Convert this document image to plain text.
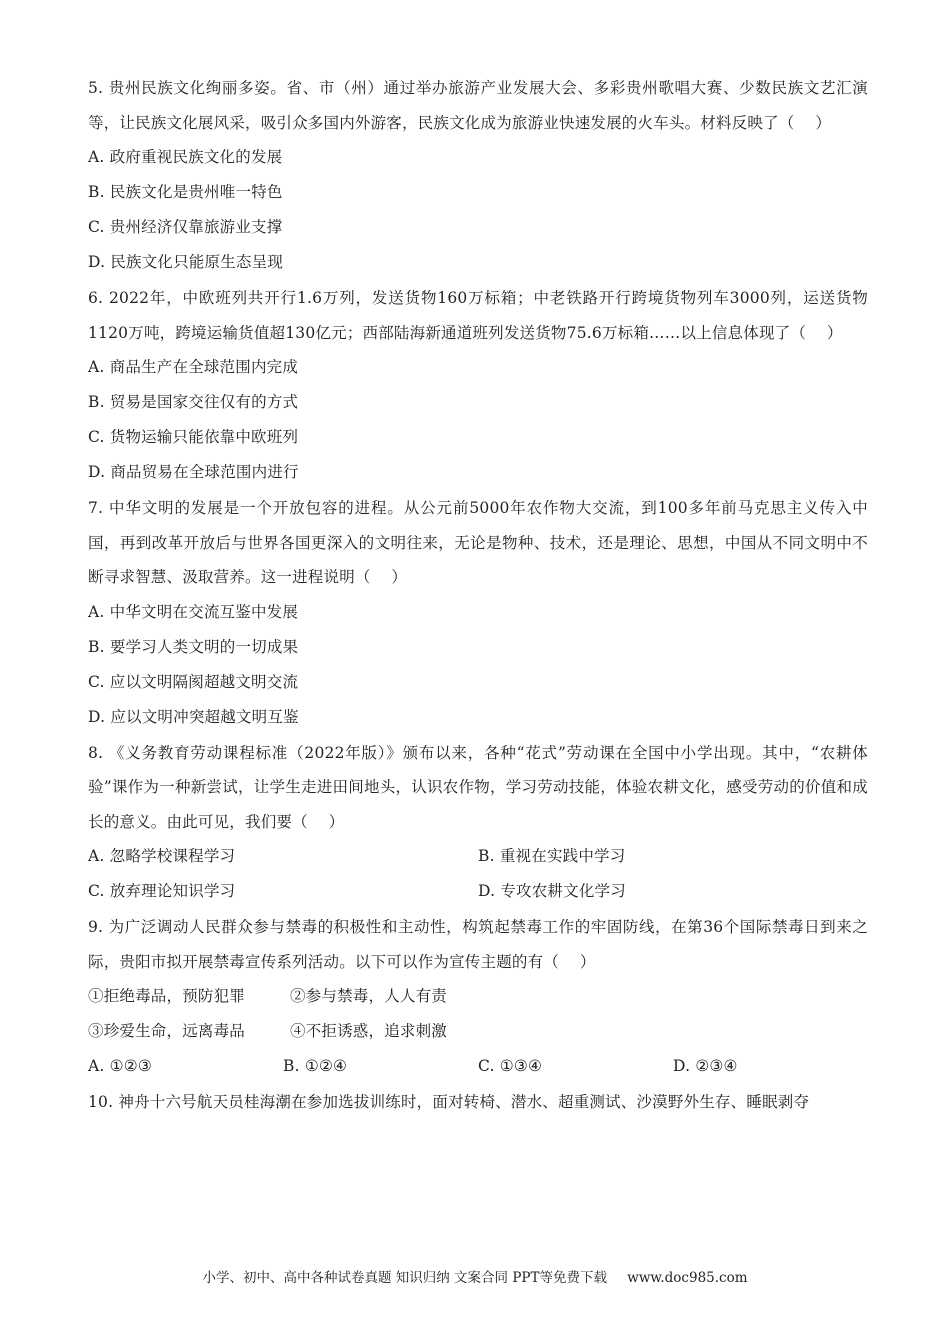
5. 贵州民族文化绚丽多姿。省、市（州）通过举办旅游产业发展大会、多彩贵州歌唱大赛、少数民族文艺汇演等，让民族文化展风采，吸引众多国内外游客，民族文化成为旅游业快速发展的火车头。材料反映了（　 ）

A. 政府重视民族文化的发展

B. 民族文化是贵州唯一特色

C. 贵州经济仅靠旅游业支撑

D. 民族文化只能原生态呈现

6. 2022年，中欧班列共开行1.6万列，发送货物160万标箱；中老铁路开行跨境货物列车3000列，运送货物1120万吨，跨境运输货值超130亿元；西部陆海新通道班列发送货物75.6万标箱……以上信息体现了（　 ）

A. 商品生产在全球范围内完成

B. 贸易是国家交往仅有的方式

C. 货物运输只能依靠中欧班列

D. 商品贸易在全球范围内进行

7. 中华文明的发展是一个开放包容的进程。从公元前5000年农作物大交流，到100多年前马克思主义传入中国，再到改革开放后与世界各国更深入的文明往来，无论是物种、技术，还是理论、思想，中国从不同文明中不断寻求智慧、汲取营养。这一进程说明（　 ）

A. 中华文明在交流互鉴中发展

B. 要学习人类文明的一切成果

C. 应以文明隔阂超越文明交流

D. 应以文明冲突超越文明互鉴

8. 《义务教育劳动课程标准（2022年版）》颁布以来，各种“花式”劳动课在全国中小学出现。其中，“农耕体验”课作为一种新尝试，让学生走进田间地头，认识农作物，学习劳动技能，体验农耕文化，感受劳动的价值和成长的意义。由此可见，我们要（　 ）

A. 忽略学校课程学习	B. 重视在实践中学习
C. 放弃理论知识学习	D. 专攻农耕文化学习

9. 为广泛调动人民群众参与禁毒的积极性和主动性，构筑起禁毒工作的牢固防线，在第36个国际禁毒日到来之际，贵阳市拟开展禁毒宣传系列活动。以下可以作为宣传主题的有（　 ）

①拒绝毒品，预防犯罪	②参与禁毒，人人有责
③珍爱生命，远离毒品	④不拒诱惑，追求刺激
A. ①②③	B. ①②④	C. ①③④	D. ②③④

10. 神舟十六号航天员桂海潮在参加选拔训练时，面对转椅、潜水、超重测试、沙漠野外生存、睡眠剥夺

小学、初中、高中各种试卷真题 知识归纳 文案合同 PPT等免费下载 www.doc985.com
